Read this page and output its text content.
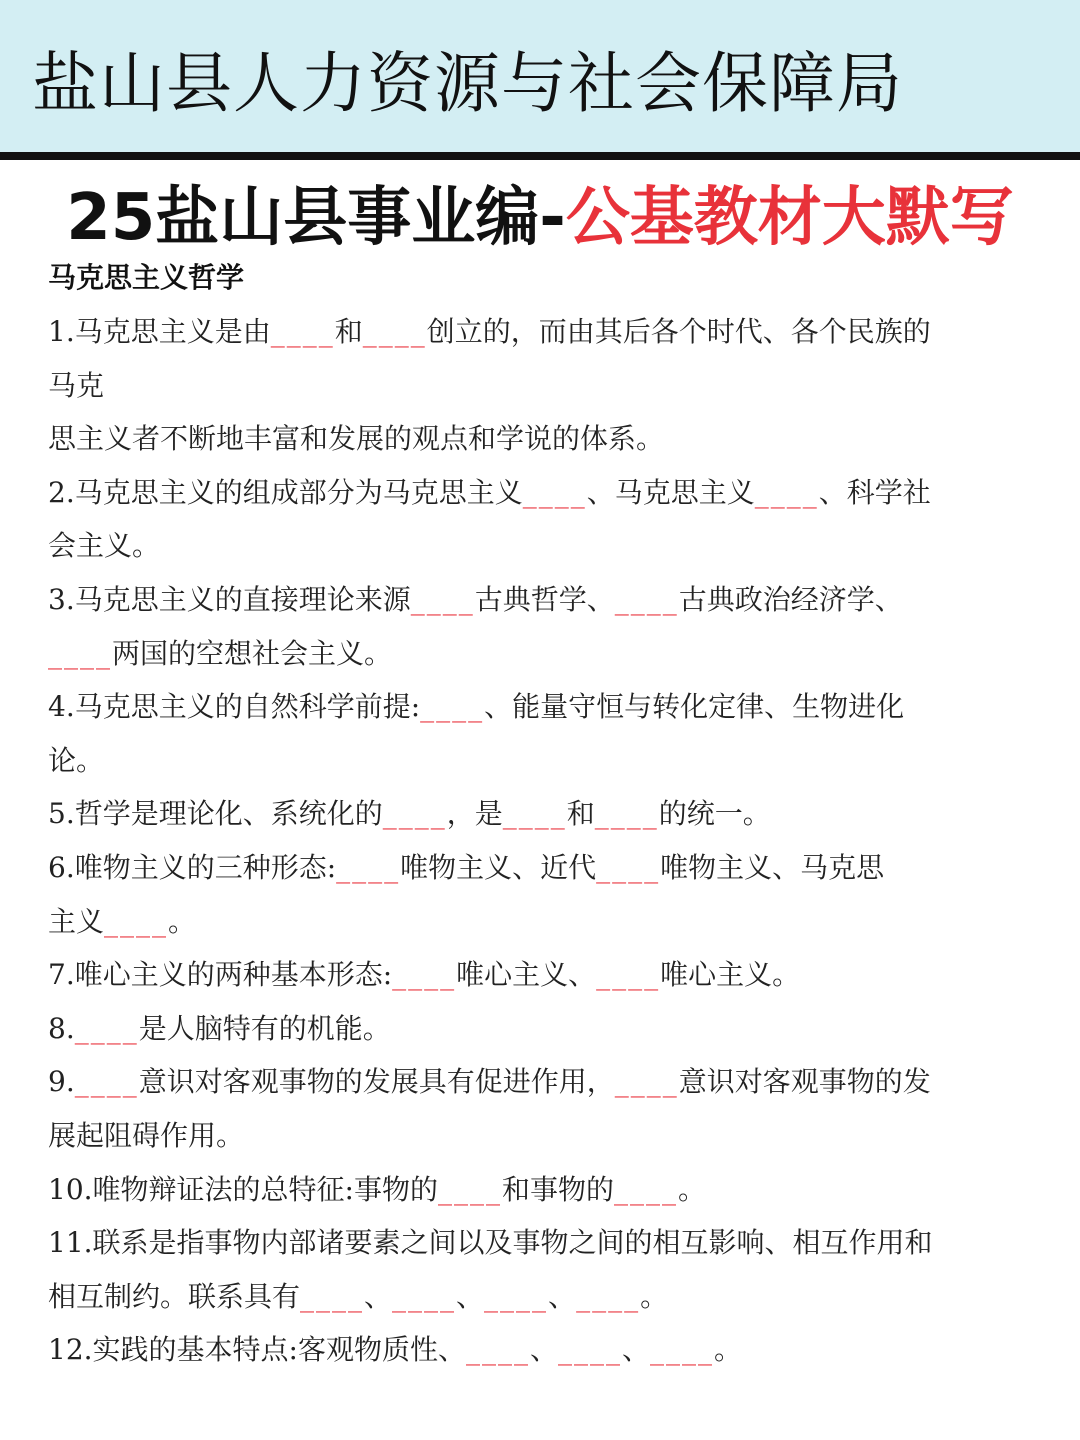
盐山县人力资源与社会保障局
25盐山县事业编-公基教材大默写
马克思主义哲学
1.马克思主义是由____和____创立的，而由其后各个时代、各个民族的
马克
思主义者不断地丰富和发展的观点和学说的体系。
2.马克思主义的组成部分为马克思主义____、马克思主义____、科学社
会主义。
3.马克思主义的直接理论来源____古典哲学、____古典政治经济学、
____两国的空想社会主义。
4.马克思主义的自然科学前提:____、能量守恒与转化定律、生物进化
论。
5.哲学是理论化、系统化的____，是____和____的统一。
6.唯物主义的三种形态:____唯物主义、近代____唯物主义、马克思
主义____。
7.唯心主义的两种基本形态:____唯心主义、____唯心主义。
8.____是人脑特有的机能。
9.____意识对客观事物的发展具有促进作用，____意识对客观事物的发
展起阻碍作用。
10.唯物辩证法的总特征:事物的____和事物的____。
11.联系是指事物内部诸要素之间以及事物之间的相互影响、相互作用和
相互制约。联系具有____、____、____、____。
12.实践的基本特点:客观物质性、____、____、____。
